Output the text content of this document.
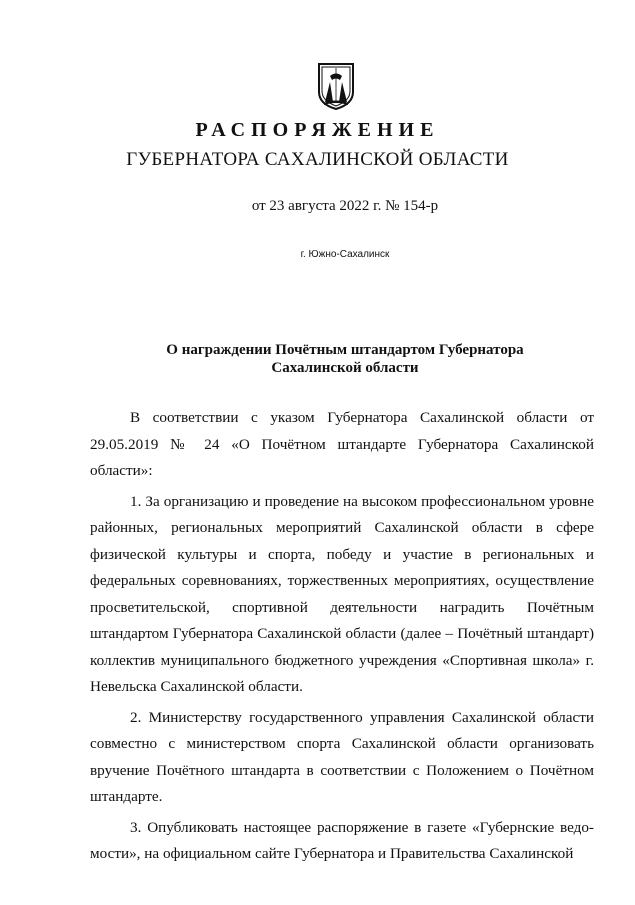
РАСПОРЯЖЕНИЕ
ГУБЕРНАТОРА САХАЛИНСКОЙ ОБЛАСТИ
от 23 августа 2022 г. № 154-р
г. Южно-Сахалинск
О награждении Почётным штандартом Губернатора
Сахалинской области

В соответствии с указом Губернатора Сахалинской области от 29.05.2019 № 24 «О Почётном штандарте Губернатора Сахалинской области»:

1. За организацию и проведение на высоком профессиональном уровне районных, региональных мероприятий Сахалинской области в сфере физической культуры и спорта, победу и участие в региональных и федеральных соревнованиях, торжественных мероприятиях, осуществление просветительской, спортивной деятельности наградить Почётным штандартом Губернатора Сахалинской области (далее – Почётный штандарт) коллектив муниципального бюджетного учреждения «Спортивная школа» г. Невельска Сахалинской области.

2. Министерству государственного управления Сахалинской области совместно с министерством спорта Сахалинской области организовать вручение Почётного штандарта в соответствии с Положением о Почётном штандарте.

3. Опубликовать настоящее распоряжение в газете «Губернские ведо-мости», на официальном сайте Губернатора и Правительства Сахалинской
